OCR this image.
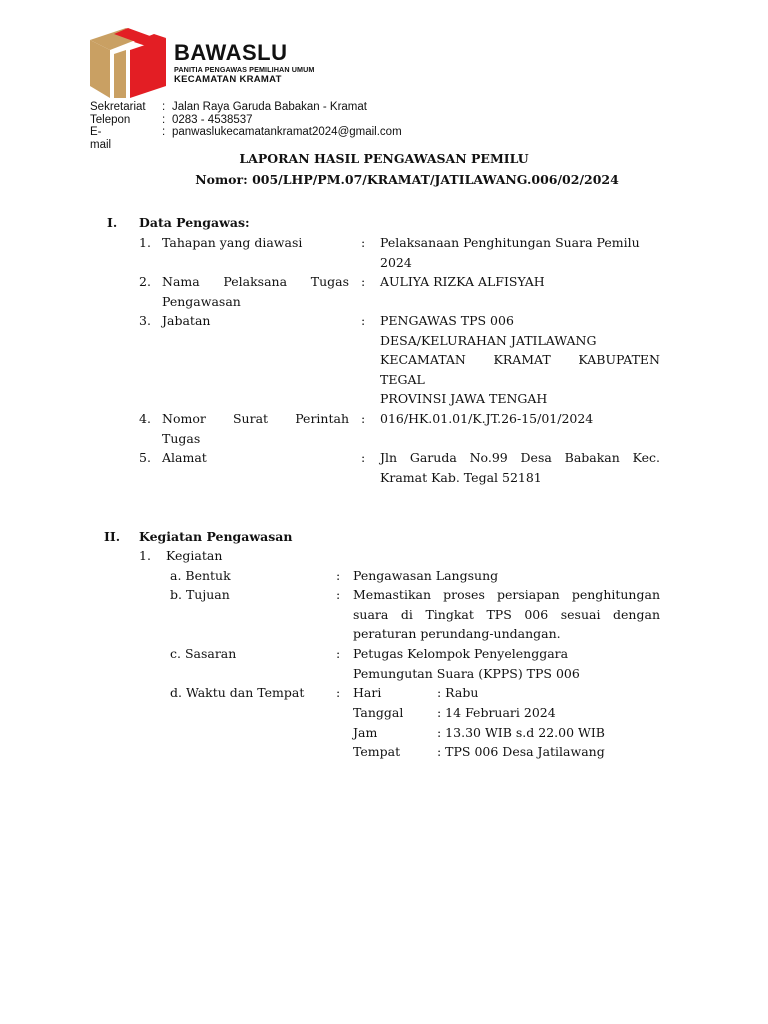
BAWASLU
PANITIA PENGAWAS PEMILIHAN UMUM
KECAMATAN KRAMAT
Sekretariat : Jalan Raya Garuda Babakan - Kramat
Telepon	: 0283 - 4538537
E-mail
: panwaslukecamatankramat2024@gmail.com
LAPORAN HASIL PENGAWASAN PEMILU
Nomor: 005/LHP/PM.07/KRAMAT/JATILAWANG.006/02/2024
I. Data Pengawas:
1. Tahapan yang diawasi	: Pelaksanaan Penghitungan Suara Pemilu
2024
2. Nama Pelaksana Tugas
Pengawasan
: AULIYA RIZKA ALFISYAH
3. Jabatan	: PENGAWAS TPS 006
DESA/KELURAHAN JATILAWANG
KECAMATAN KRAMAT KABUPATEN
TEGAL
PROVINSI JAWA TENGAH
4. Nomor Surat Perintah
Tugas
: 016/HK.01.01/K.JT.26-15/01/2024
5. Alamat	: Jln Garuda No.99 Desa Babakan Kec.
Kramat Kab. Tegal 52181
II. Kegiatan Pengawasan
1. Kegiatan
a. Bentuk	: Pengawasan Langsung
b. Tujuan	: Memastikan proses persiapan penghitungan
suara di Tingkat TPS 006 sesuai dengan
peraturan perundang-undangan.
c. Sasaran	: Petugas Kelompok Penyelenggara
Pemungutan Suara (KPPS) TPS 006
d. Waktu dan Tempat	: Hari	: Rabu
Tanggal	: 14 Februari 2024
Jam	: 13.30 WIB s.d 22.00 WIB
Tempat	: TPS 006 Desa Jatilawang
